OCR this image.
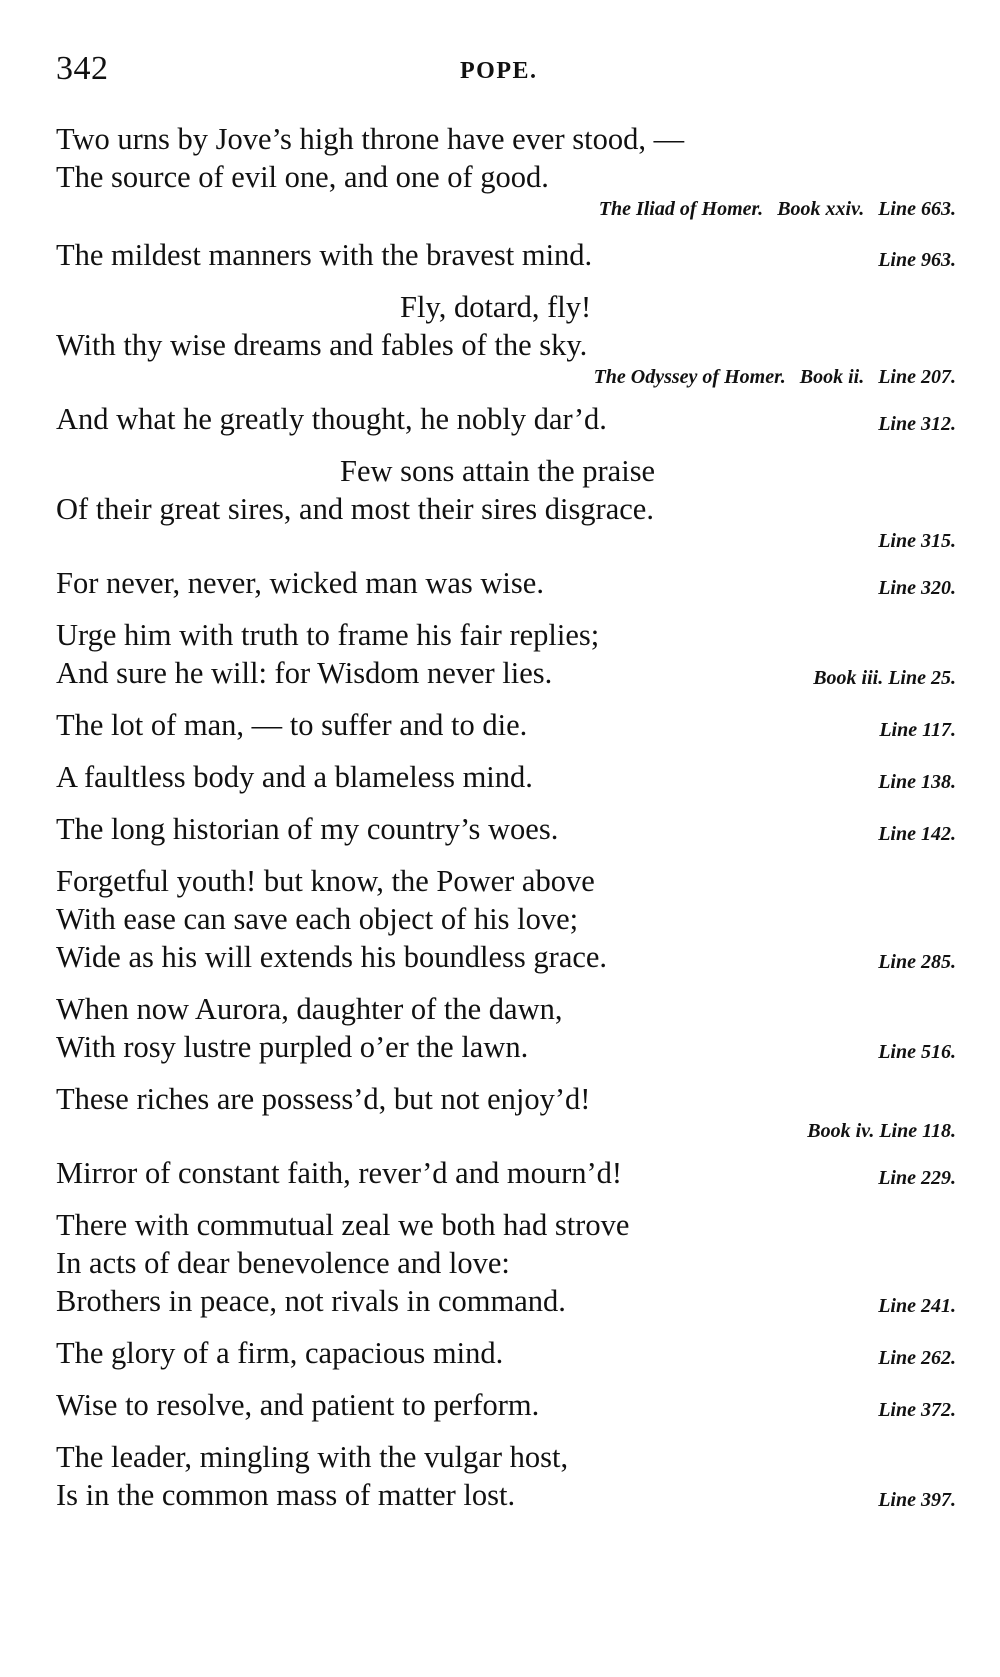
342	POPE.
Two urns by Jove’s high throne have ever stood, —
The source of evil one, and one of good.
The Iliad of Homer. Book xxiv. Line 663.
The mildest manners with the bravest mind.	Line 963.
Fly, dotard, fly!
With thy wise dreams and fables of the sky.
The Odyssey of Homer. Book ii. Line 207.
And what he greatly thought, he nobly dar’d.	Line 312.
Few sons attain the praise
Of their great sires, and most their sires disgrace.
Line 315.
For never, never, wicked man was wise.	Line 320.
Urge him with truth to frame his fair replies;
And sure he will: for Wisdom never lies.	Book iii. Line 25.
The lot of man, — to suffer and to die.	Line 117.
A faultless body and a blameless mind.	Line 138.
The long historian of my country’s woes.	Line 142.
Forgetful youth! but know, the Power above
With ease can save each object of his love;
Wide as his will extends his boundless grace.	Line 285.
When now Aurora, daughter of the dawn,
With rosy lustre purpled o’er the lawn.	Line 516.
These riches are possess’d, but not enjoy’d!
Book iv. Line 118.
Mirror of constant faith, rever’d and mourn’d!	Line 229.
There with commutual zeal we both had strove
In acts of dear benevolence and love:
Brothers in peace, not rivals in command.	Line 241.
The glory of a firm, capacious mind.	Line 262.
Wise to resolve, and patient to perform.	Line 372.
The leader, mingling with the vulgar host,
Is in the common mass of matter lost.	Line 397.
